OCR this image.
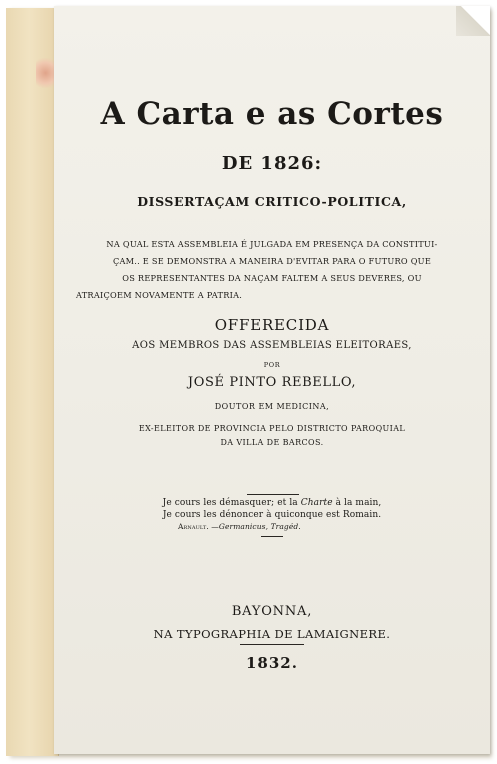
A Carta e as Cortes
DE 1826:
DISSERTAÇAM CRITICO-POLITICA,
NA QUAL ESTA ASSEMBLEIA É JULGADA EM PRESENÇA DA CONSTITUI-
ÇAM.. E SE DEMONSTRA A MANEIRA D'EVITAR PARA O FUTURO QUE
OS REPRESENTANTES DA NAÇAM FALTEM A SEUS DEVERES, OU
ATRAIÇOEM NOVAMENTE A PATRIA.
OFFERECIDA
AOS MEMBROS DAS ASSEMBLEIAS ELEITORAES,
POR
JOSÉ PINTO REBELLO,
DOUTOR EM MEDICINA,
EX-ELEITOR DE PROVINCIA PELO DISTRICTO PAROQUIAL
DA VILLA DE BARCOS.
Je cours les démasquer; et la Charte à la main,
Je cours les dénoncer à quiconque est Romain.
Arnault. —Germanicus, Tragéd.
BAYONNA,
NA TYPOGRAPHIA DE LAMAIGNERE.
1832.
